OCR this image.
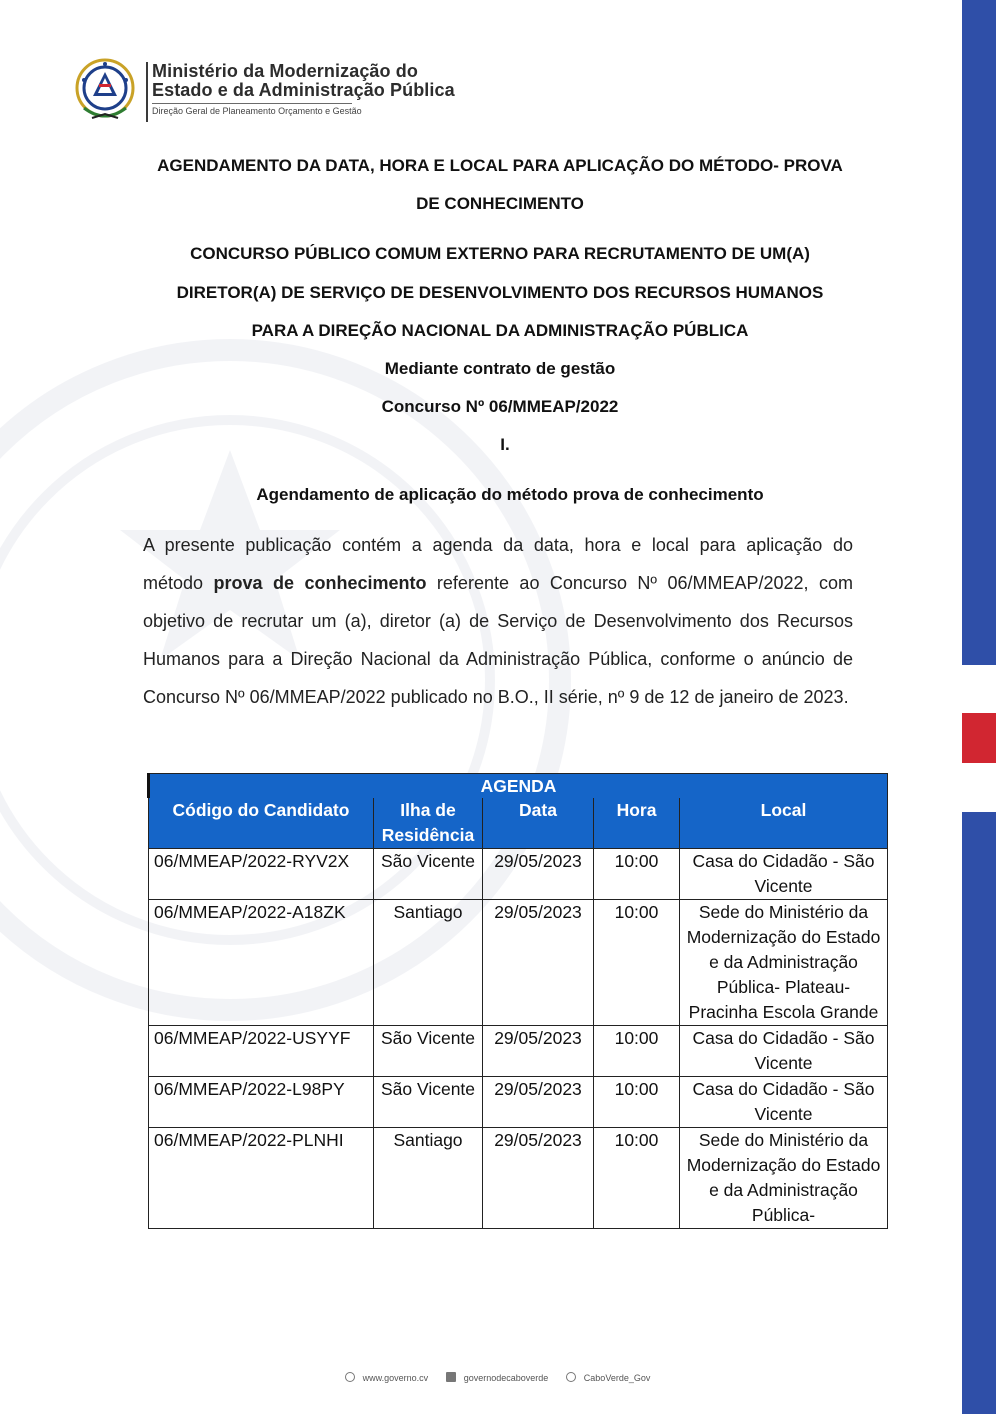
Ministério da Modernização do
Estado e da Administração Pública
Direção Geral de Planeamento Orçamento e Gestão
AGENDAMENTO DA DATA, HORA E LOCAL PARA APLICAÇÃO DO MÉTODO- PROVA
DE CONHECIMENTO
CONCURSO PÚBLICO COMUM EXTERNO PARA RECRUTAMENTO DE UM(A)
DIRETOR(A) DE SERVIÇO DE DESENVOLVIMENTO DOS RECURSOS HUMANOS
PARA A DIREÇÃO NACIONAL DA ADMINISTRAÇÃO PÚBLICA
Mediante contrato de gestão
Concurso Nº 06/MMEAP/2022
I.
Agendamento de aplicação do método prova de conhecimento
A presente publicação contém a agenda da data, hora e local para aplicação do
método prova de conhecimento referente ao Concurso Nº 06/MMEAP/2022, com
objetivo de recrutar um (a), diretor (a) de Serviço de Desenvolvimento dos Recursos
Humanos para a Direção Nacional da Administração Pública, conforme o anúncio de
Concurso Nº 06/MMEAP/2022 publicado no B.O., II série, nº 9 de 12 de janeiro de 2023.
AGENDA				
Código do Candidato	Ilha de Residência	Data	Hora	Local
06/MMEAP/2022-RYV2X	São Vicente	29/05/2023	10:00	Casa do Cidadão - São Vicente
06/MMEAP/2022-A18ZK	Santiago	29/05/2023	10:00	Sede do Ministério da Modernização do Estado e da Administração Pública- Plateau- Pracinha Escola Grande
06/MMEAP/2022-USYYF	São Vicente	29/05/2023	10:00	Casa do Cidadão - São Vicente
06/MMEAP/2022-L98PY	São Vicente	29/05/2023	10:00	Casa do Cidadão - São Vicente
06/MMEAP/2022-PLNHI	Santiago	29/05/2023	10:00	Sede do Ministério da Modernização do Estado e da Administração Pública-
www.governo.cv	governodecaboverde	CaboVerde_Gov
